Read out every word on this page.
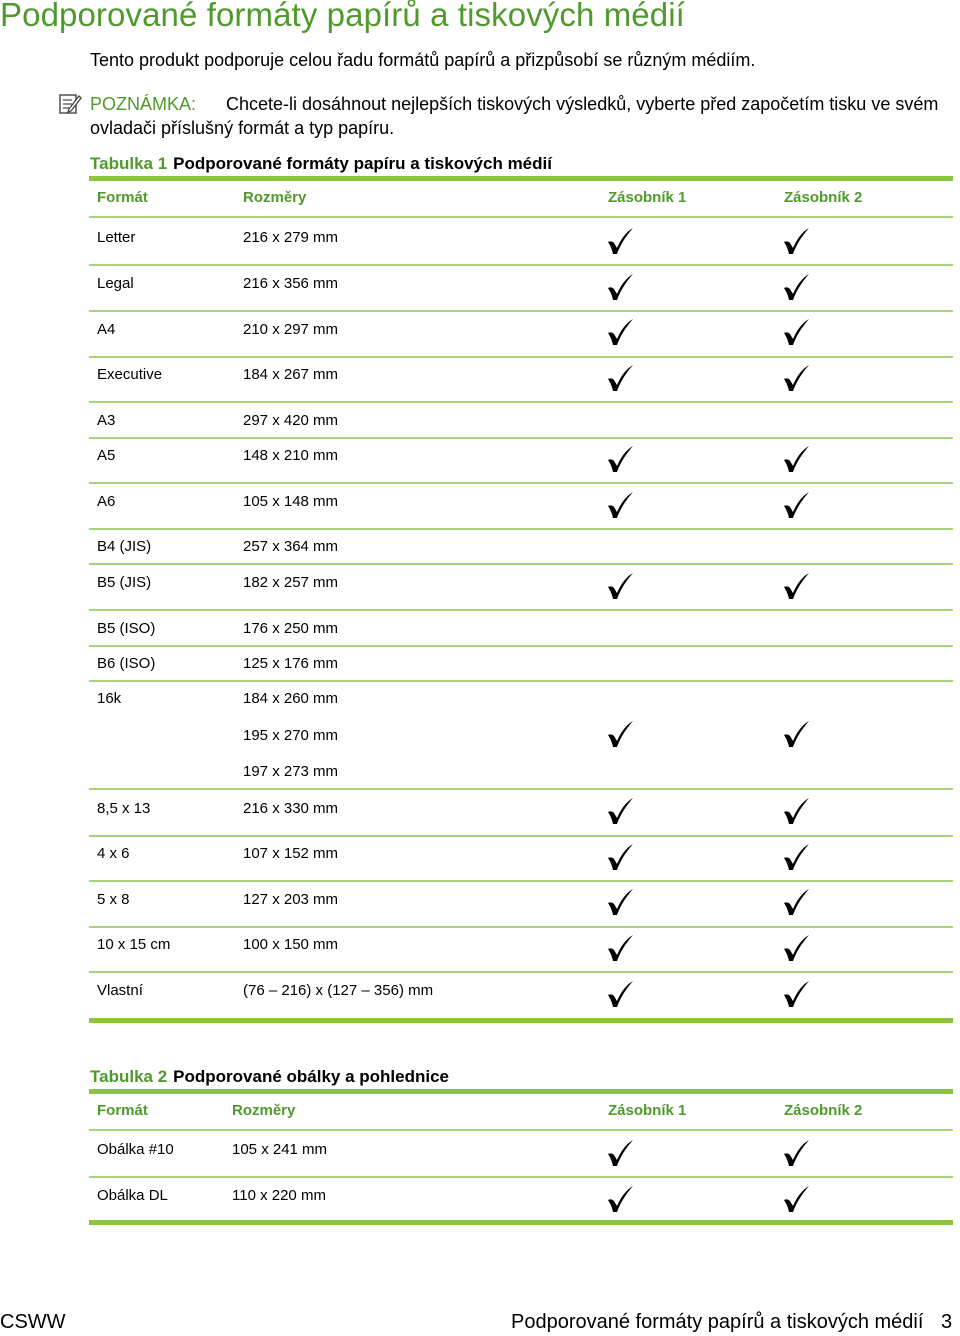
Podporované formáty papírů a tiskových médií
Tento produkt podporuje celou řadu formátů papírů a přizpůsobí se různým médiím.
POZNÁMKA: Chcete-li dosáhnout nejlepších tiskových výsledků, vyberte před započetím tisku ve svém ovladači příslušný formát a typ papíru.
Tabulka 1 Podporované formáty papíru a tiskových médií
Formát	Rozměry	Zásobník 1	Zásobník 2
Letter	216 x 279 mm
Legal	216 x 356 mm
A4	210 x 297 mm
Executive	184 x 267 mm
A3	297 x 420 mm
A5	148 x 210 mm
A6	105 x 148 mm
B4 (JIS)	257 x 364 mm
B5 (JIS)	182 x 257 mm
B5 (ISO)	176 x 250 mm
B6 (ISO)	125 x 176 mm
16k	184 x 260 mm
195 x 270 mm
197 x 273 mm
8,5 x 13	216 x 330 mm
4 x 6	107 x 152 mm
5 x 8	127 x 203 mm
10 x 15 cm	100 x 150 mm
Vlastní	(76 – 216) x (127 – 356) mm
Tabulka 2 Podporované obálky a pohlednice
Formát	Rozměry	Zásobník 1	Zásobník 2
Obálka #10	105 x 241 mm
Obálka DL	110 x 220 mm
CSWW	Podporované formáty papírů a tiskových médií 3
